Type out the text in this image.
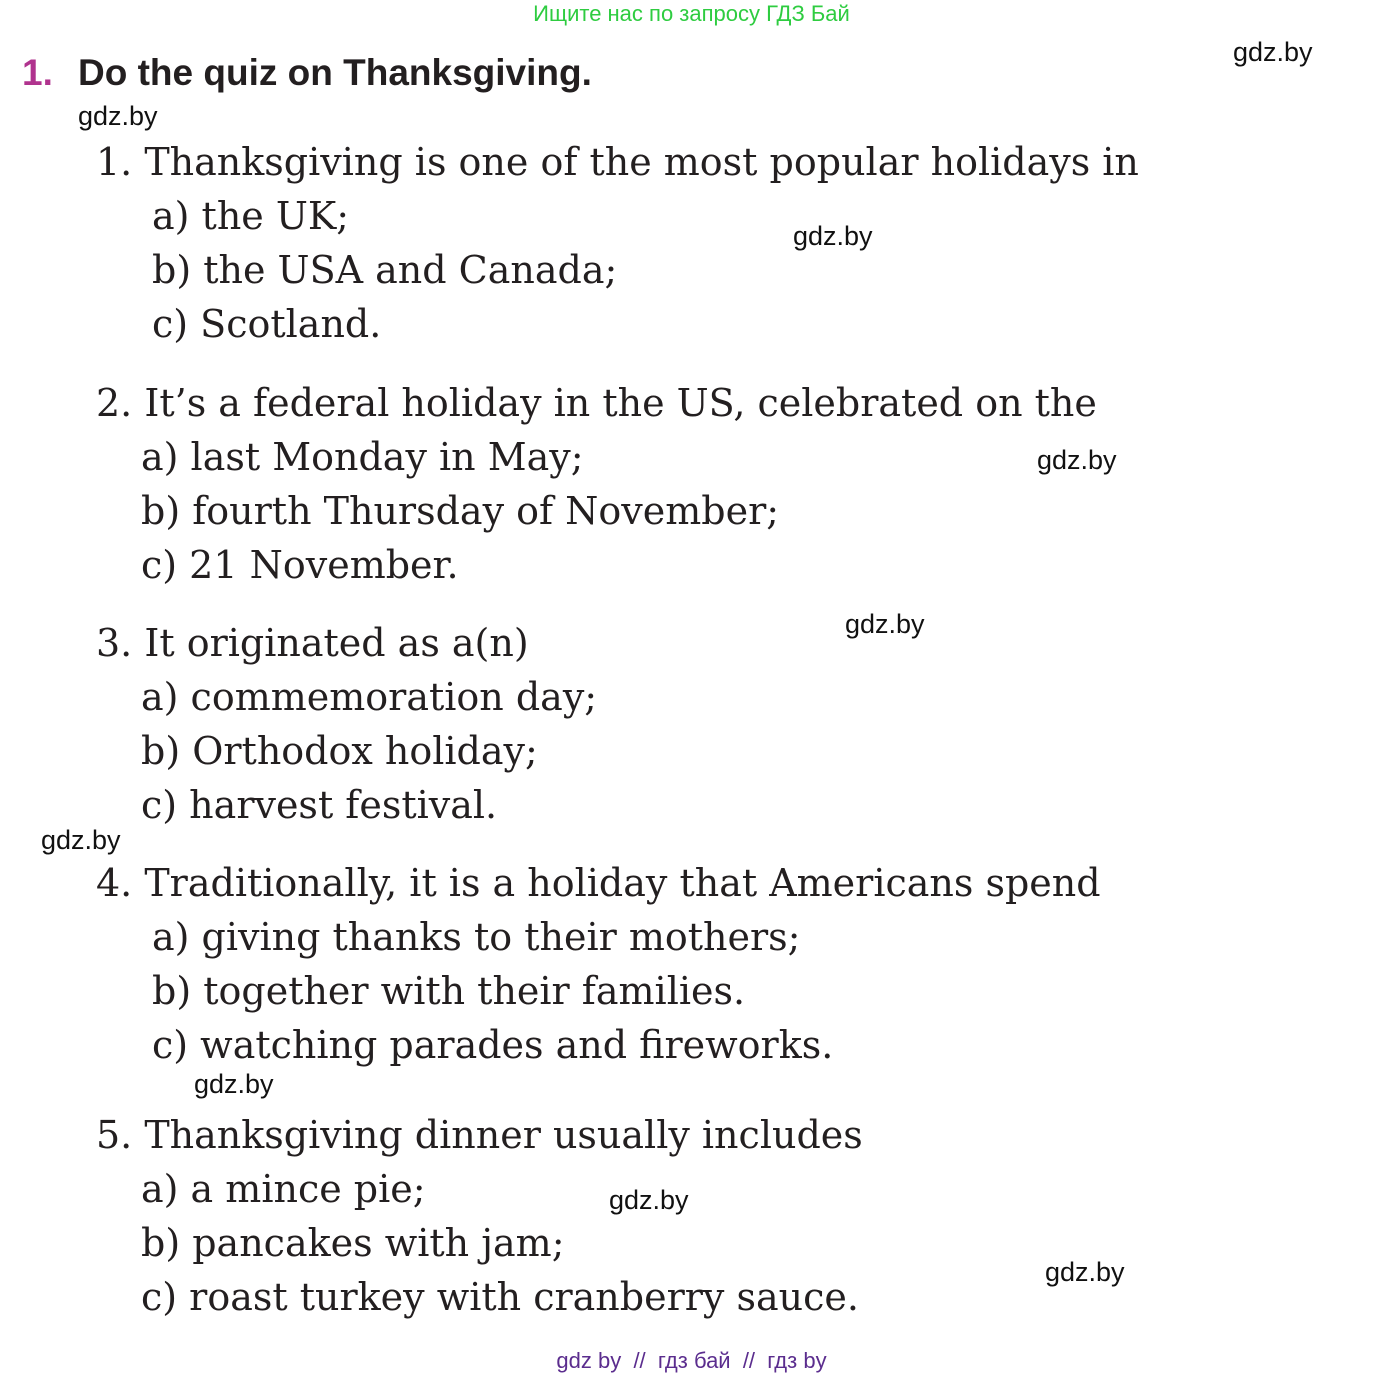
Ищите нас по запросу ГДЗ Бай
1. Do the quiz on Thanksgiving.	gdz.by
gdz.by
gdz.by
gdz.by
gdz.by
gdz.by
gdz.by
gdz.by
gdz.by
1. Thanksgiving is one of the most popular holidays in
a) the UK;
b) the USA and Canada;
c) Scotland.
2. It’s a federal holiday in the US, celebrated on the
a) last Monday in May;
b) fourth Thursday of November;
c) 21 November.
3. It originated as a(n)
a) commemoration day;
b) Orthodox holiday;
c) harvest festival.
4. Traditionally, it is a holiday that Americans spend
a) giving thanks to their mothers;
b) together with their families.
c) watching parades and fireworks.
5. Thanksgiving dinner usually includes
a) a mince pie;
b) pancakes with jam;
c) roast turkey with cranberry sauce.
gdz by  //  гдз бай  //  гдз by
